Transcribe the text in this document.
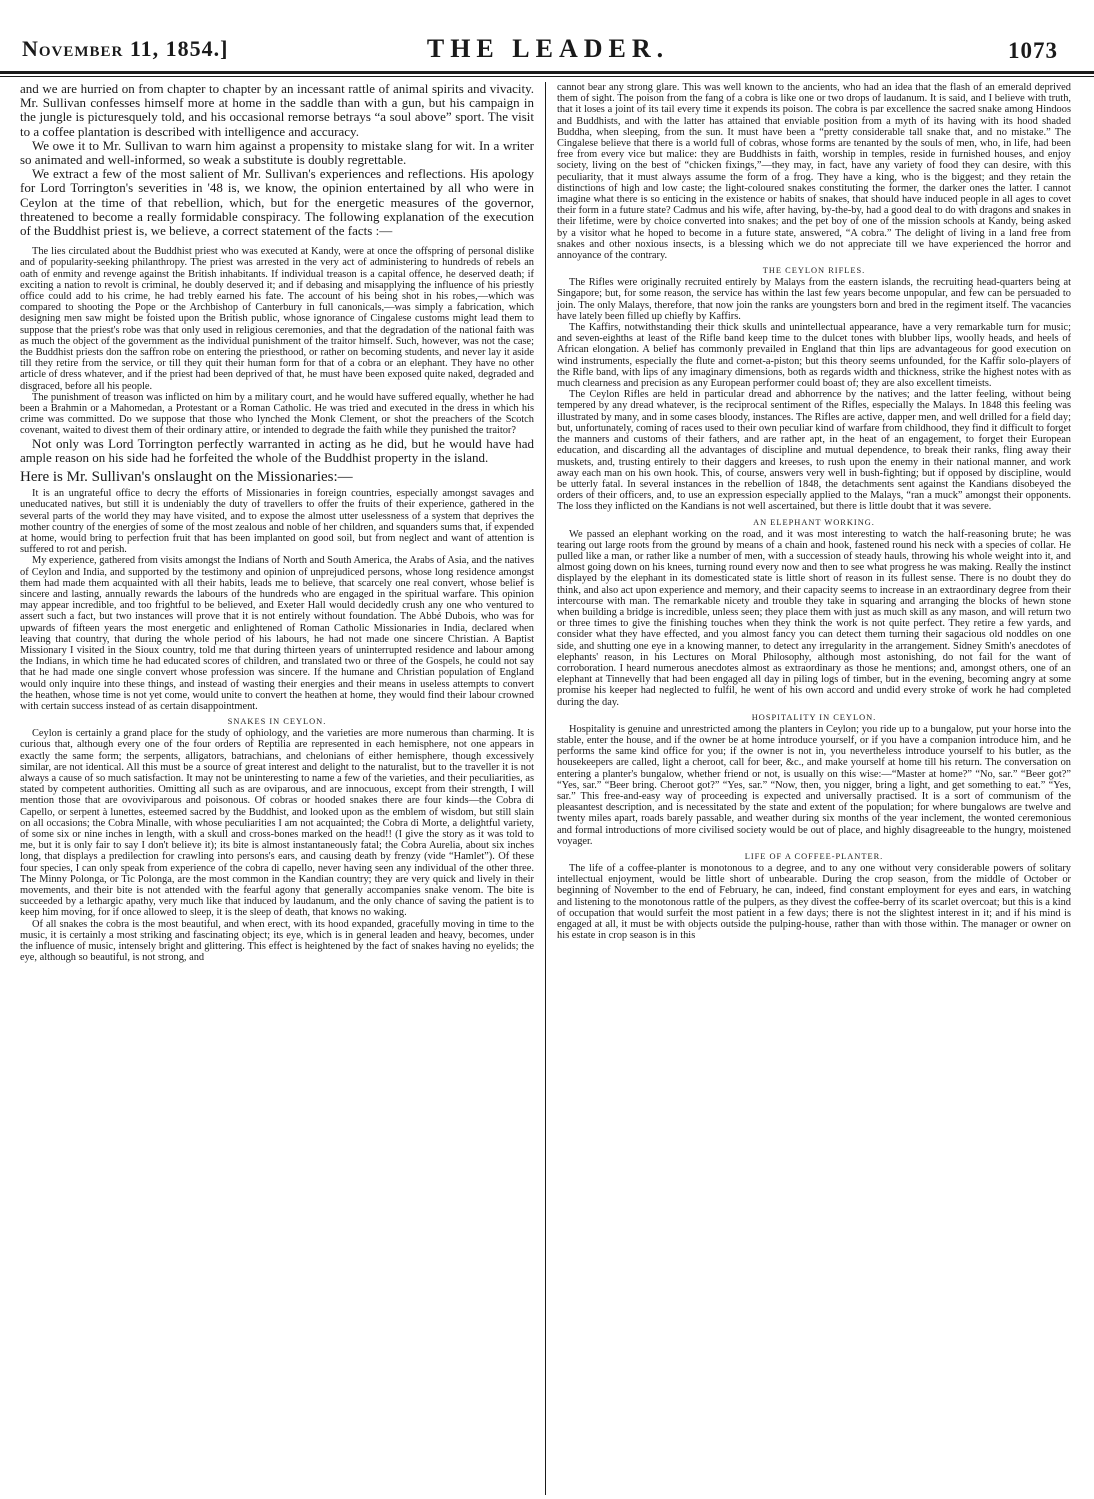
November 11, 1854.]	THE LEADER.	1073

and we are hurried on from chapter to chapter by an incessant rattle of animal spirits and vivacity. Mr. Sullivan confesses himself more at home in the saddle than with a gun, but his campaign in the jungle is picturesquely told, and his occasional remorse betrays “a soul above” sport. The visit to a coffee plantation is described with intelligence and accuracy.

We owe it to Mr. Sullivan to warn him against a propensity to mistake slang for wit. In a writer so animated and well-informed, so weak a substitute is doubly regrettable.

We extract a few of the most salient of Mr. Sullivan's experiences and reflections. His apology for Lord Torrington's severities in '48 is, we know, the opinion entertained by all who were in Ceylon at the time of that rebellion, which, but for the energetic measures of the governor, threatened to become a really formidable conspiracy. The following explanation of the execution of the Buddhist priest is, we believe, a correct statement of the facts :—

The lies circulated about the Buddhist priest who was executed at Kandy, were at once the offspring of personal dislike and of popularity-seeking philanthropy. The priest was arrested in the very act of administering to hundreds of rebels an oath of enmity and revenge against the British inhabitants. If individual treason is a capital offence, he deserved death; if exciting a nation to revolt is criminal, he doubly deserved it; and if debasing and misapplying the influence of his priestly office could add to his crime, he had trebly earned his fate. The account of his being shot in his robes,—which was compared to shooting the Pope or the Archbishop of Canterbury in full canonicals,—was simply a fabrication, which designing men saw might be foisted upon the British public, whose ignorance of Cingalese customs might lead them to suppose that the priest's robe was that only used in religious ceremonies, and that the degradation of the national faith was as much the object of the government as the individual punishment of the traitor himself. Such, however, was not the case; the Buddhist priests don the saffron robe on entering the priesthood, or rather on becoming students, and never lay it aside till they retire from the service, or till they quit their human form for that of a cobra or an elephant. They have no other article of dress whatever, and if the priest had been deprived of that, he must have been exposed quite naked, degraded and disgraced, before all his people.

The punishment of treason was inflicted on him by a military court, and he would have suffered equally, whether he had been a Brahmin or a Mahomedan, a Protestant or a Roman Catholic. He was tried and executed in the dress in which his crime was committed. Do we suppose that those who lynched the Monk Clement, or shot the preachers of the Scotch covenant, waited to divest them of their ordinary attire, or intended to degrade the faith while they punished the traitor?

Not only was Lord Torrington perfectly warranted in acting as he did, but he would have had ample reason on his side had he forfeited the whole of the Buddhist property in the island.

Here is Mr. Sullivan's onslaught on the Missionaries:—

It is an ungrateful office to decry the efforts of Missionaries in foreign countries, especially amongst savages and uneducated natives, but still it is undeniably the duty of travellers to offer the fruits of their experience, gathered in the several parts of the world they may have visited, and to expose the almost utter uselessness of a system that deprives the mother country of the energies of some of the most zealous and noble of her children, and squanders sums that, if expended at home, would bring to perfection fruit that has been implanted on good soil, but from neglect and want of attention is suffered to rot and perish.

My experience, gathered from visits amongst the Indians of North and South America, the Arabs of Asia, and the natives of Ceylon and India, and supported by the testimony and opinion of unprejudiced persons, whose long residence amongst them had made them acquainted with all their habits, leads me to believe, that scarcely one real convert, whose belief is sincere and lasting, annually rewards the labours of the hundreds who are engaged in the spiritual warfare. This opinion may appear incredible, and too frightful to be believed, and Exeter Hall would decidedly crush any one who ventured to assert such a fact, but two instances will prove that it is not entirely without foundation. The Abbé Dubois, who was for upwards of fifteen years the most energetic and enlightened of Roman Catholic Missionaries in India, declared when leaving that country, that during the whole period of his labours, he had not made one sincere Christian. A Baptist Missionary I visited in the Sioux country, told me that during thirteen years of uninterrupted residence and labour among the Indians, in which time he had educated scores of children, and translated two or three of the Gospels, he could not say that he had made one single convert whose profession was sincere. If the humane and Christian population of England would only inquire into these things, and instead of wasting their energies and their means in useless attempts to convert the heathen, whose time is not yet come, would unite to convert the heathen at home, they would find their labour crowned with certain success instead of as certain disappointment.

SNAKES IN CEYLON.

Ceylon is certainly a grand place for the study of ophiology, and the varieties are more numerous than charming. It is curious that, although every one of the four orders of Reptilia are represented in each hemisphere, not one appears in exactly the same form; the serpents, alligators, batrachians, and chelonians of either hemisphere, though excessively similar, are not identical. All this must be a source of great interest and delight to the naturalist, but to the traveller it is not always a cause of so much satisfaction. It may not be uninteresting to name a few of the varieties, and their peculiarities, as stated by competent authorities. Omitting all such as are oviparous, and are innocuous, except from their strength, I will mention those that are ovoviviparous and poisonous. Of cobras or hooded snakes there are four kinds—the Cobra di Capello, or serpent à lunettes, esteemed sacred by the Buddhist, and looked upon as the emblem of wisdom, but still slain on all occasions; the Cobra Minalle, with whose peculiarities I am not acquainted; the Cobra di Morte, a delightful variety, of some six or nine inches in length, with a skull and cross-bones marked on the head!! (I give the story as it was told to me, but it is only fair to say I don't believe it); its bite is almost instantaneously fatal; the Cobra Aurelia, about six inches long, that displays a predilection for crawling into persons's ears, and causing death by frenzy (vide “Hamlet”). Of these four species, I can only speak from experience of the cobra di capello, never having seen any individual of the other three. The Minny Polonga, or Tic Polonga, are the most common in the Kandian country; they are very quick and lively in their movements, and their bite is not attended with the fearful agony that generally accompanies snake venom. The bite is succeeded by a lethargic apathy, very much like that induced by laudanum, and the only chance of saving the patient is to keep him moving, for if once allowed to sleep, it is the sleep of death, that knows no waking.

Of all snakes the cobra is the most beautiful, and when erect, with its hood expanded, gracefully moving in time to the music, it is certainly a most striking and fascinating object; its eye, which is in general leaden and heavy, becomes, under the influence of music, intensely bright and glittering. This effect is heightened by the fact of snakes having no eyelids; the eye, although so beautiful, is not strong, and

cannot bear any strong glare. This was well known to the ancients, who had an idea that the flash of an emerald deprived them of sight. The poison from the fang of a cobra is like one or two drops of laudanum. It is said, and I believe with truth, that it loses a joint of its tail every time it expends its poison. The cobra is par excellence the sacred snake among Hindoos and Buddhists, and with the latter has attained that enviable position from a myth of its having with its hood shaded Buddha, when sleeping, from the sun. It must have been a “pretty considerable tall snake that, and no mistake.” The Cingalese believe that there is a world full of cobras, whose forms are tenanted by the souls of men, who, in life, had been free from every vice but malice: they are Buddhists in faith, worship in temples, reside in furnished houses, and enjoy society, living on the best of “chicken fixings,”—they may, in fact, have any variety of food they can desire, with this peculiarity, that it must always assume the form of a frog. They have a king, who is the biggest; and they retain the distinctions of high and low caste; the light-coloured snakes constituting the former, the darker ones the latter. I cannot imagine what there is so enticing in the existence or habits of snakes, that should have induced people in all ages to covet their form in a future state? Cadmus and his wife, after having, by-the-by, had a good deal to do with dragons and snakes in their lifetime, were by choice converted into snakes; and the pet boy of one of the mission schools at Kandy, being asked by a visitor what he hoped to become in a future state, answered, “A cobra.” The delight of living in a land free from snakes and other noxious insects, is a blessing which we do not appreciate till we have experienced the horror and annoyance of the contrary.

THE CEYLON RIFLES.

The Rifles were originally recruited entirely by Malays from the eastern islands, the recruiting head-quarters being at Singapore; but, for some reason, the service has within the last few years become unpopular, and few can be persuaded to join. The only Malays, therefore, that now join the ranks are youngsters born and bred in the regiment itself. The vacancies have lately been filled up chiefly by Kaffirs.

The Kaffirs, notwithstanding their thick skulls and unintellectual appearance, have a very remarkable turn for music; and seven-eighths at least of the Rifle band keep time to the dulcet tones with blubber lips, woolly heads, and heels of African elongation. A belief has commonly prevailed in England that thin lips are advantageous for good execution on wind instruments, especially the flute and cornet-a-piston; but this theory seems unfounded, for the Kaffir solo-players of the Rifle band, with lips of any imaginary dimensions, both as regards width and thickness, strike the highest notes with as much clearness and precision as any European performer could boast of; they are also excellent timeists.

The Ceylon Rifles are held in particular dread and abhorrence by the natives; and the latter feeling, without being tempered by any dread whatever, is the reciprocal sentiment of the Rifles, especially the Malays. In 1848 this feeling was illustrated by many, and in some cases bloody, instances. The Rifles are active, dapper men, and well drilled for a field day; but, unfortunately, coming of races used to their own peculiar kind of warfare from childhood, they find it difficult to forget the manners and customs of their fathers, and are rather apt, in the heat of an engagement, to forget their European education, and discarding all the advantages of discipline and mutual dependence, to break their ranks, fling away their muskets, and, trusting entirely to their daggers and kreeses, to rush upon the enemy in their national manner, and work away each man on his own hook. This, of course, answers very well in bush-fighting; but if opposed by discipline, would be utterly fatal. In several instances in the rebellion of 1848, the detachments sent against the Kandians disobeyed the orders of their officers, and, to use an expression especially applied to the Malays, “ran a muck” amongst their opponents. The loss they inflicted on the Kandians is not well ascertained, but there is little doubt that it was severe.

AN ELEPHANT WORKING.

We passed an elephant working on the road, and it was most interesting to watch the half-reasoning brute; he was tearing out large roots from the ground by means of a chain and hook, fastened round his neck with a species of collar. He pulled like a man, or rather like a number of men, with a succession of steady hauls, throwing his whole weight into it, and almost going down on his knees, turning round every now and then to see what progress he was making. Really the instinct displayed by the elephant in its domesticated state is little short of reason in its fullest sense. There is no doubt they do think, and also act upon experience and memory, and their capacity seems to increase in an extraordinary degree from their intercourse with man. The remarkable nicety and trouble they take in squaring and arranging the blocks of hewn stone when building a bridge is incredible, unless seen; they place them with just as much skill as any mason, and will return two or three times to give the finishing touches when they think the work is not quite perfect. They retire a few yards, and consider what they have effected, and you almost fancy you can detect them turning their sagacious old noddles on one side, and shutting one eye in a knowing manner, to detect any irregularity in the arrangement. Sidney Smith's anecdotes of elephants' reason, in his Lectures on Moral Philosophy, although most astonishing, do not fail for the want of corroboration. I heard numerous anecdotes almost as extraordinary as those he mentions; and, amongst others, one of an elephant at Tinnevelly that had been engaged all day in piling logs of timber, but in the evening, becoming angry at some promise his keeper had neglected to fulfil, he went of his own accord and undid every stroke of work he had completed during the day.

HOSPITALITY IN CEYLON.

Hospitality is genuine and unrestricted among the planters in Ceylon; you ride up to a bungalow, put your horse into the stable, enter the house, and if the owner be at home introduce yourself, or if you have a companion introduce him, and he performs the same kind office for you; if the owner is not in, you nevertheless introduce yourself to his butler, as the housekeepers are called, light a cheroot, call for beer, &c., and make yourself at home till his return. The conversation on entering a planter's bungalow, whether friend or not, is usually on this wise:—“Master at home?” “No, sar.” “Beer got?” “Yes, sar.” “Beer bring. Cheroot got?” “Yes, sar.” “Now, then, you nigger, bring a light, and get something to eat.” “Yes, sar.” This free-and-easy way of proceeding is expected and universally practised. It is a sort of communism of the pleasantest description, and is necessitated by the state and extent of the population; for where bungalows are twelve and twenty miles apart, roads barely passable, and weather during six months of the year inclement, the wonted ceremonious and formal introductions of more civilised society would be out of place, and highly disagreeable to the hungry, moistened voyager.

LIFE OF A COFFEE-PLANTER.

The life of a coffee-planter is monotonous to a degree, and to any one without very considerable powers of solitary intellectual enjoyment, would be little short of unbearable. During the crop season, from the middle of October or beginning of November to the end of February, he can, indeed, find constant employment for eyes and ears, in watching and listening to the monotonous rattle of the pulpers, as they divest the coffee-berry of its scarlet overcoat; but this is a kind of occupation that would surfeit the most patient in a few days; there is not the slightest interest in it; and if his mind is engaged at all, it must be with objects outside the pulping-house, rather than with those within. The manager or owner on his estate in crop season is in this
